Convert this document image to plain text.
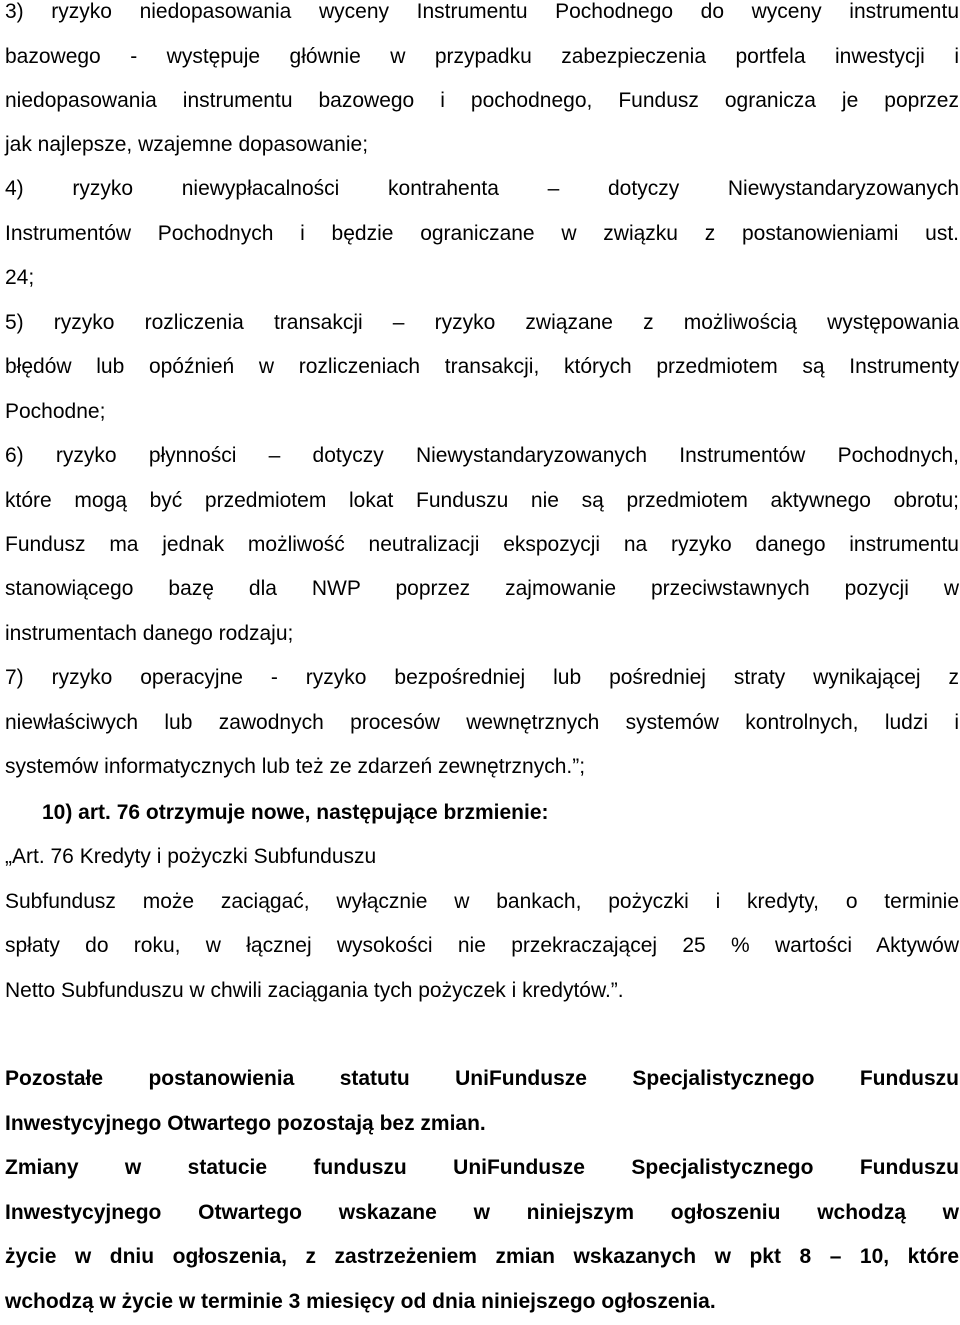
3) ryzyko niedopasowania wyceny Instrumentu Pochodnego do wyceny instrumentu

bazowego - występuje głównie w przypadku zabezpieczenia portfela inwestycji i

niedopasowania instrumentu bazowego i pochodnego, Fundusz ogranicza je poprzez

jak najlepsze, wzajemne dopasowanie;

4) ryzyko niewypłacalności kontrahenta – dotyczy Niewystandaryzowanych

Instrumentów Pochodnych i będzie ograniczane w związku z postanowieniami ust.

24;

5) ryzyko rozliczenia transakcji – ryzyko związane z możliwością występowania

błędów lub opóźnień w rozliczeniach transakcji, których przedmiotem są Instrumenty

Pochodne;

6) ryzyko płynności – dotyczy Niewystandaryzowanych Instrumentów Pochodnych,

które mogą być przedmiotem lokat Funduszu nie są przedmiotem aktywnego obrotu;

Fundusz ma jednak możliwość neutralizacji ekspozycji na ryzyko danego instrumentu

stanowiącego bazę dla NWP poprzez zajmowanie przeciwstawnych pozycji w

instrumentach danego rodzaju;

7) ryzyko operacyjne - ryzyko bezpośredniej lub pośredniej straty wynikającej z

niewłaściwych lub zawodnych procesów wewnętrznych systemów kontrolnych, ludzi i

systemów informatycznych lub też ze zdarzeń zewnętrznych.”;

10) art. 76 otrzymuje nowe, następujące brzmienie:

„Art. 76 Kredyty i pożyczki Subfunduszu

Subfundusz może zaciągać, wyłącznie w bankach, pożyczki i kredyty, o terminie

spłaty do roku, w łącznej wysokości nie przekraczającej 25 % wartości Aktywów

Netto Subfunduszu w chwili zaciągania tych pożyczek i kredytów.”.

Pozostałe postanowienia statutu UniFundusze Specjalistycznego Funduszu

Inwestycyjnego Otwartego pozostają bez zmian.

Zmiany w statucie funduszu UniFundusze Specjalistycznego Funduszu

Inwestycyjnego Otwartego wskazane w niniejszym ogłoszeniu wchodzą w

życie w dniu ogłoszenia, z zastrzeżeniem zmian wskazanych w pkt 8 – 10, które

wchodzą w życie w terminie 3 miesięcy od dnia niniejszego ogłoszenia.
